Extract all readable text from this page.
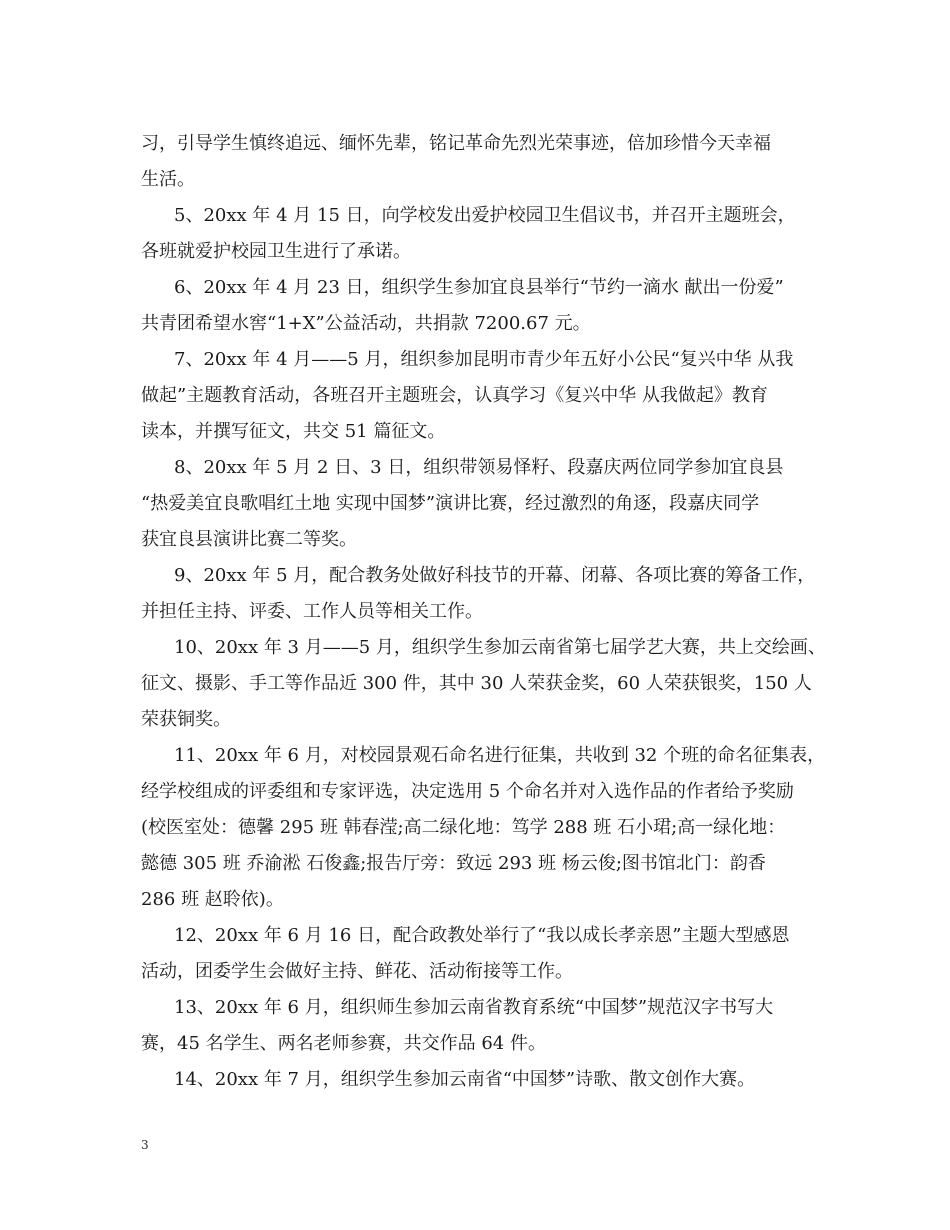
习，引导学生慎终追远、缅怀先辈，铭记革命先烈光荣事迹，倍加珍惜今天幸福
生活。
5、20xx 年 4 月 15 日，向学校发出爱护校园卫生倡议书，并召开主题班会，
各班就爱护校园卫生进行了承诺。
6、20xx 年 4 月 23 日，组织学生参加宜良县举行“节约一滴水 献出一份爱”
共青团希望水窖“1+X”公益活动，共捐款 7200.67 元。
7、20xx 年 4 月——5 月，组织参加昆明市青少年五好小公民“复兴中华 从我
做起”主题教育活动，各班召开主题班会，认真学习《复兴中华 从我做起》教育
读本，并撰写征文，共交 51 篇征文。
8、20xx 年 5 月 2 日、3 日，组织带领易怿籽、段嘉庆两位同学参加宜良县
“热爱美宜良歌唱红土地 实现中国梦”演讲比赛，经过激烈的角逐，段嘉庆同学
获宜良县演讲比赛二等奖。
9、20xx 年 5 月，配合教务处做好科技节的开幕、闭幕、各项比赛的筹备工作，
并担任主持、评委、工作人员等相关工作。
10、20xx 年 3 月——5 月，组织学生参加云南省第七届学艺大赛，共上交绘画、
征文、摄影、手工等作品近 300 件，其中 30 人荣获金奖，60 人荣获银奖，150 人
荣获铜奖。
11、20xx 年 6 月，对校园景观石命名进行征集，共收到 32 个班的命名征集表，
经学校组成的评委组和专家评选，决定选用 5 个命名并对入选作品的作者给予奖励
(校医室处：德馨 295 班 韩春滢;高二绿化地：笃学 288 班 石小珺;高一绿化地：
懿德 305 班 乔渝淞 石俊鑫;报告厅旁：致远 293 班 杨云俊;图书馆北门：韵香
286 班 赵聆依)。
12、20xx 年 6 月 16 日，配合政教处举行了“我以成长孝亲恩”主题大型感恩
活动，团委学生会做好主持、鲜花、活动衔接等工作。
13、20xx 年 6 月，组织师生参加云南省教育系统“中国梦”规范汉字书写大
赛，45 名学生、两名老师参赛，共交作品 64 件。
14、20xx 年 7 月，组织学生参加云南省“中国梦”诗歌、散文创作大赛。
3
